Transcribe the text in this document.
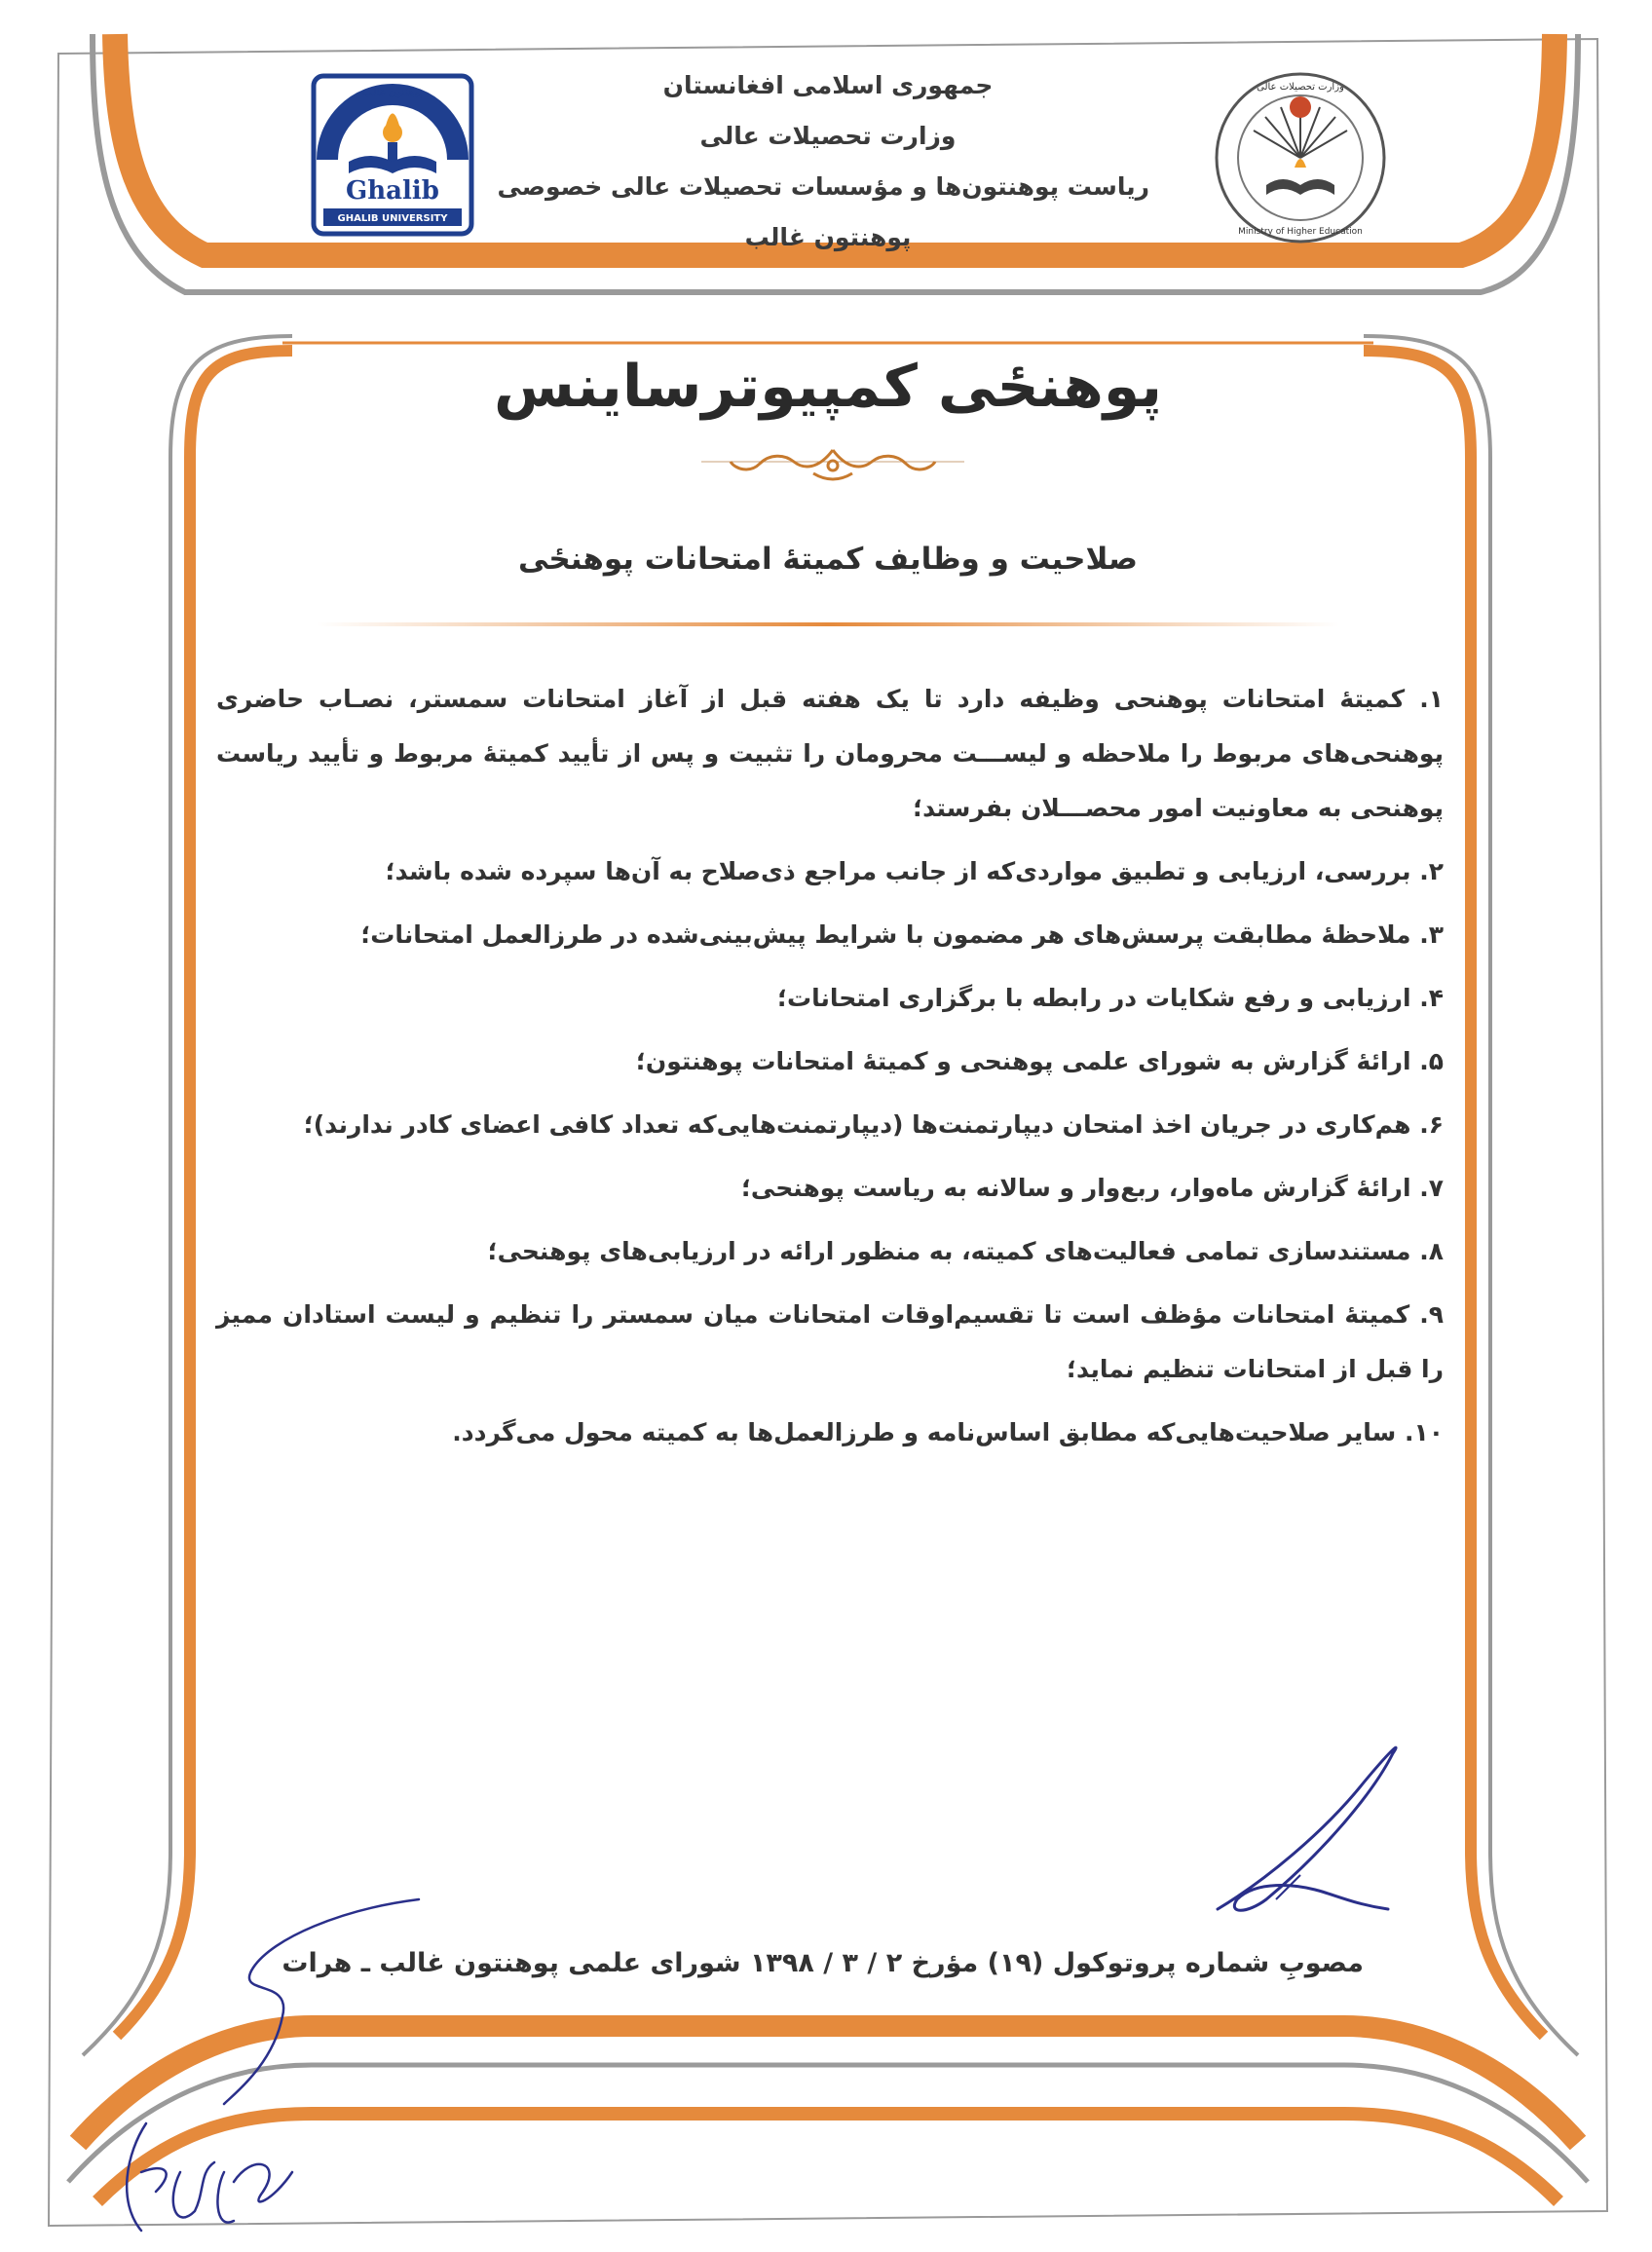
Ghalib
GHALIB UNIVERSITY
پوهنتون غالب
Ministry of Higher Education
وزارت تحصیلات عالی
جمهوری اسلامی افغانستان
وزارت تحصیلات عالی
ریاست پوهنتون‌ها و مؤسسات تحصیلات عالی خصوصی
پوهنتون غالب
پوهنځی کمپیوترساینس
صلاحیت و وظایف کمیتهٔ امتحانات پوهنځی

۱. کمیتهٔ امتحانات پوهنحی وظیفه دارد تا یک هفته قبل از آغاز امتحانات سمستر، نصـاب حاضری پوهنحی‌های مربوط را ملاحظه و لیســـت محرومان را تثبیت و پس از تأیید کمیتهٔ مربوط و تأیید ریاست پوهنحی به معاونیت امور محصـــلان بفرستد؛

۲. بررسی، ارزیابی و تطبیق مواردی‌که از جانب مراجع ذی‌صلاح به آن‌ها سپرده شده باشد؛

۳. ملاحظهٔ مطابقت پرسش‌های هر مضمون با شرایط پیش‌بینی‌شده در طرزالعمل امتحانات؛

۴. ارزیابی و رفع شکایات در رابطه با برگزاری امتحانات؛

۵. ارائهٔ گزارش به شورای علمی پوهنحی و کمیتهٔ امتحانات پوهنتون؛

۶. هم‌کاری در جریان اخذ امتحان دیپارتمنت‌ها (دیپارتمنت‌هایی‌که تعداد کافی اعضای کادر ندارند)؛

۷. ارائهٔ گزارش ماه‌وار، ربع‌وار و سالانه به ریاست پوهنحی؛

۸. مستندسازی تمامی فعالیت‌های کمیته، به منظور ارائه در ارزیابی‌های پوهنحی؛

۹. کمیتهٔ امتحانات مؤظف است تا تقسیم‌اوقات امتحانات میان سمستر را تنظیم و لیست استادان ممیز را قبل از امتحانات تنظیم نماید؛

۱۰. سایر صلاحیت‌هایی‌که مطابق اساس‌نامه و طرزالعمل‌ها به کمیته محول می‌گردد.

مصوبِ شماره پروتوکول (۱۹) مؤرخ ۲ / ۳ / ۱۳۹۸ شورای علمی پوهنتون غالب ـ هرات
